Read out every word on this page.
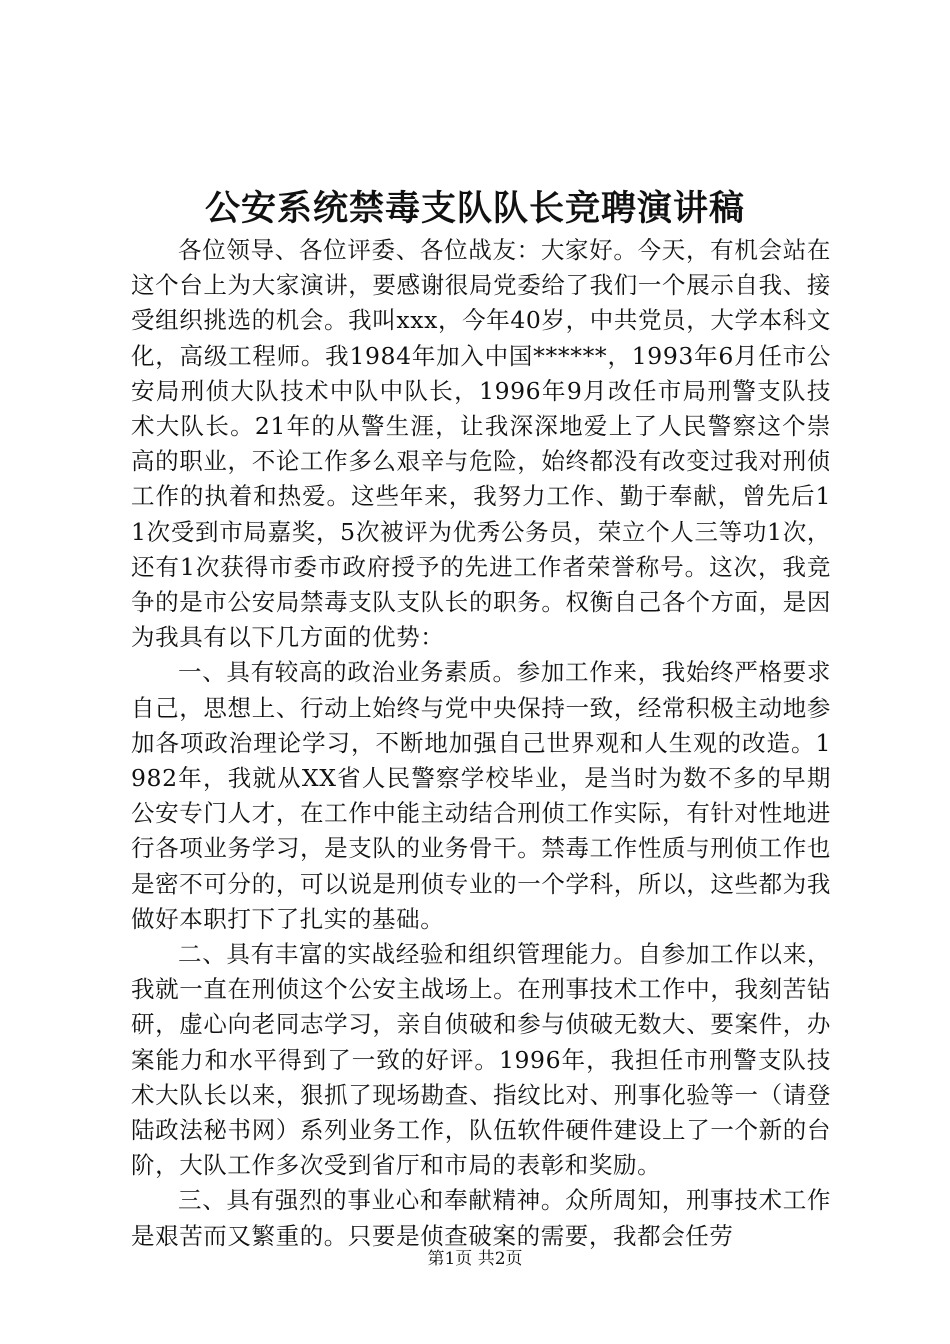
公安系统禁毒支队队长竞聘演讲稿

各位领导、各位评委、各位战友：大家好。今天，有机会站在这个台上为大家演讲，要感谢很局党委给了我们一个展示自我、接受组织挑选的机会。我叫xxx，今年40岁，中共党员，大学本科文化，高级工程师。我1984年加入中国******，1993年6月任市公安局刑侦大队技术中队中队长，1996年9月改任市局刑警支队技术大队长。21年的从警生涯，让我深深地爱上了人民警察这个崇高的职业，不论工作多么艰辛与危险，始终都没有改变过我对刑侦工作的执着和热爱。这些年来，我努力工作、勤于奉献，曾先后11次受到市局嘉奖，5次被评为优秀公务员，荣立个人三等功1次，还有1次获得市委市政府授予的先进工作者荣誉称号。这次，我竞争的是市公安局禁毒支队支队长的职务。权衡自己各个方面，是因为我具有以下几方面的优势：

一、具有较高的政治业务素质。参加工作来，我始终严格要求自己，思想上、行动上始终与党中央保持一致，经常积极主动地参加各项政治理论学习，不断地加强自己世界观和人生观的改造。1982年，我就从XX省人民警察学校毕业，是当时为数不多的早期公安专门人才，在工作中能主动结合刑侦工作实际，有针对性地进行各项业务学习，是支队的业务骨干。禁毒工作性质与刑侦工作也是密不可分的，可以说是刑侦专业的一个学科，所以，这些都为我做好本职打下了扎实的基础。

二、具有丰富的实战经验和组织管理能力。自参加工作以来，我就一直在刑侦这个公安主战场上。在刑事技术工作中，我刻苦钻研，虚心向老同志学习，亲自侦破和参与侦破无数大、要案件，办案能力和水平得到了一致的好评。1996年，我担任市刑警支队技术大队长以来，狠抓了现场勘查、指纹比对、刑事化验等一（请登陆政法秘书网）系列业务工作，队伍软件硬件建设上了一个新的台阶，大队工作多次受到省厅和市局的表彰和奖励。

三、具有强烈的事业心和奉献精神。众所周知，刑事技术工作是艰苦而又繁重的。只要是侦查破案的需要，我都会任劳

第1页 共2页
